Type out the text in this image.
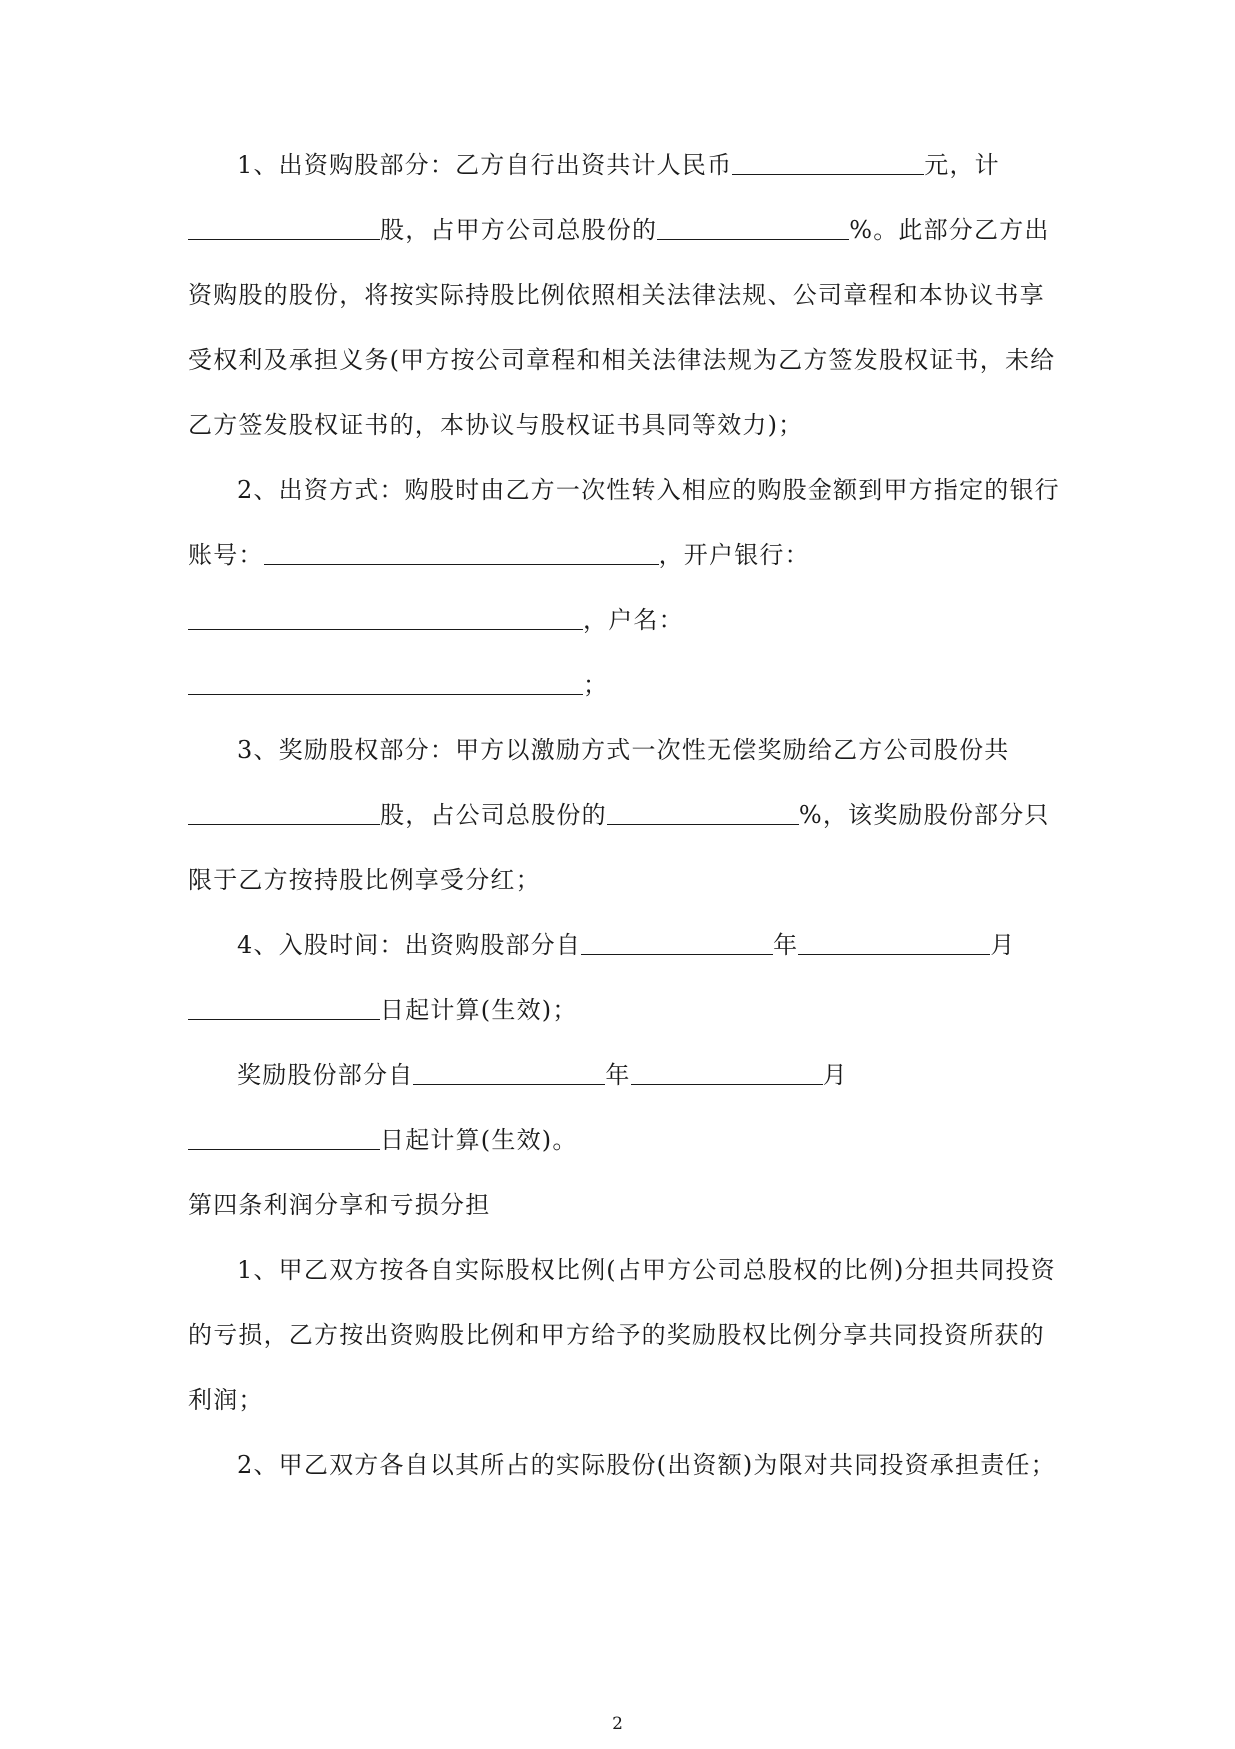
1、出资购股部分：乙方自行出资共计人民币	元，计
股，占甲方公司总股份的	%。此部分乙方出
资购股的股份，将按实际持股比例依照相关法律法规、公司章程和本协议书享
受权利及承担义务(甲方按公司章程和相关法律法规为乙方签发股权证书，未给
乙方签发股权证书的，本协议与股权证书具同等效力)；
2、出资方式：购股时由乙方一次性转入相应的购股金额到甲方指定的银行
账号：	，开户银行：
，户名：
；
3、奖励股权部分：甲方以激励方式一次性无偿奖励给乙方公司股份共
股，占公司总股份的	%，该奖励股份部分只
限于乙方按持股比例享受分红；
4、入股时间：出资购股部分自	年	月
日起计算(生效)；
奖励股份部分自	年	月
日起计算(生效)。
第四条利润分享和亏损分担
1、甲乙双方按各自实际股权比例(占甲方公司总股权的比例)分担共同投资
的亏损，乙方按出资购股比例和甲方给予的奖励股权比例分享共同投资所获的
利润；
2、甲乙双方各自以其所占的实际股份(出资额)为限对共同投资承担责任；
2
